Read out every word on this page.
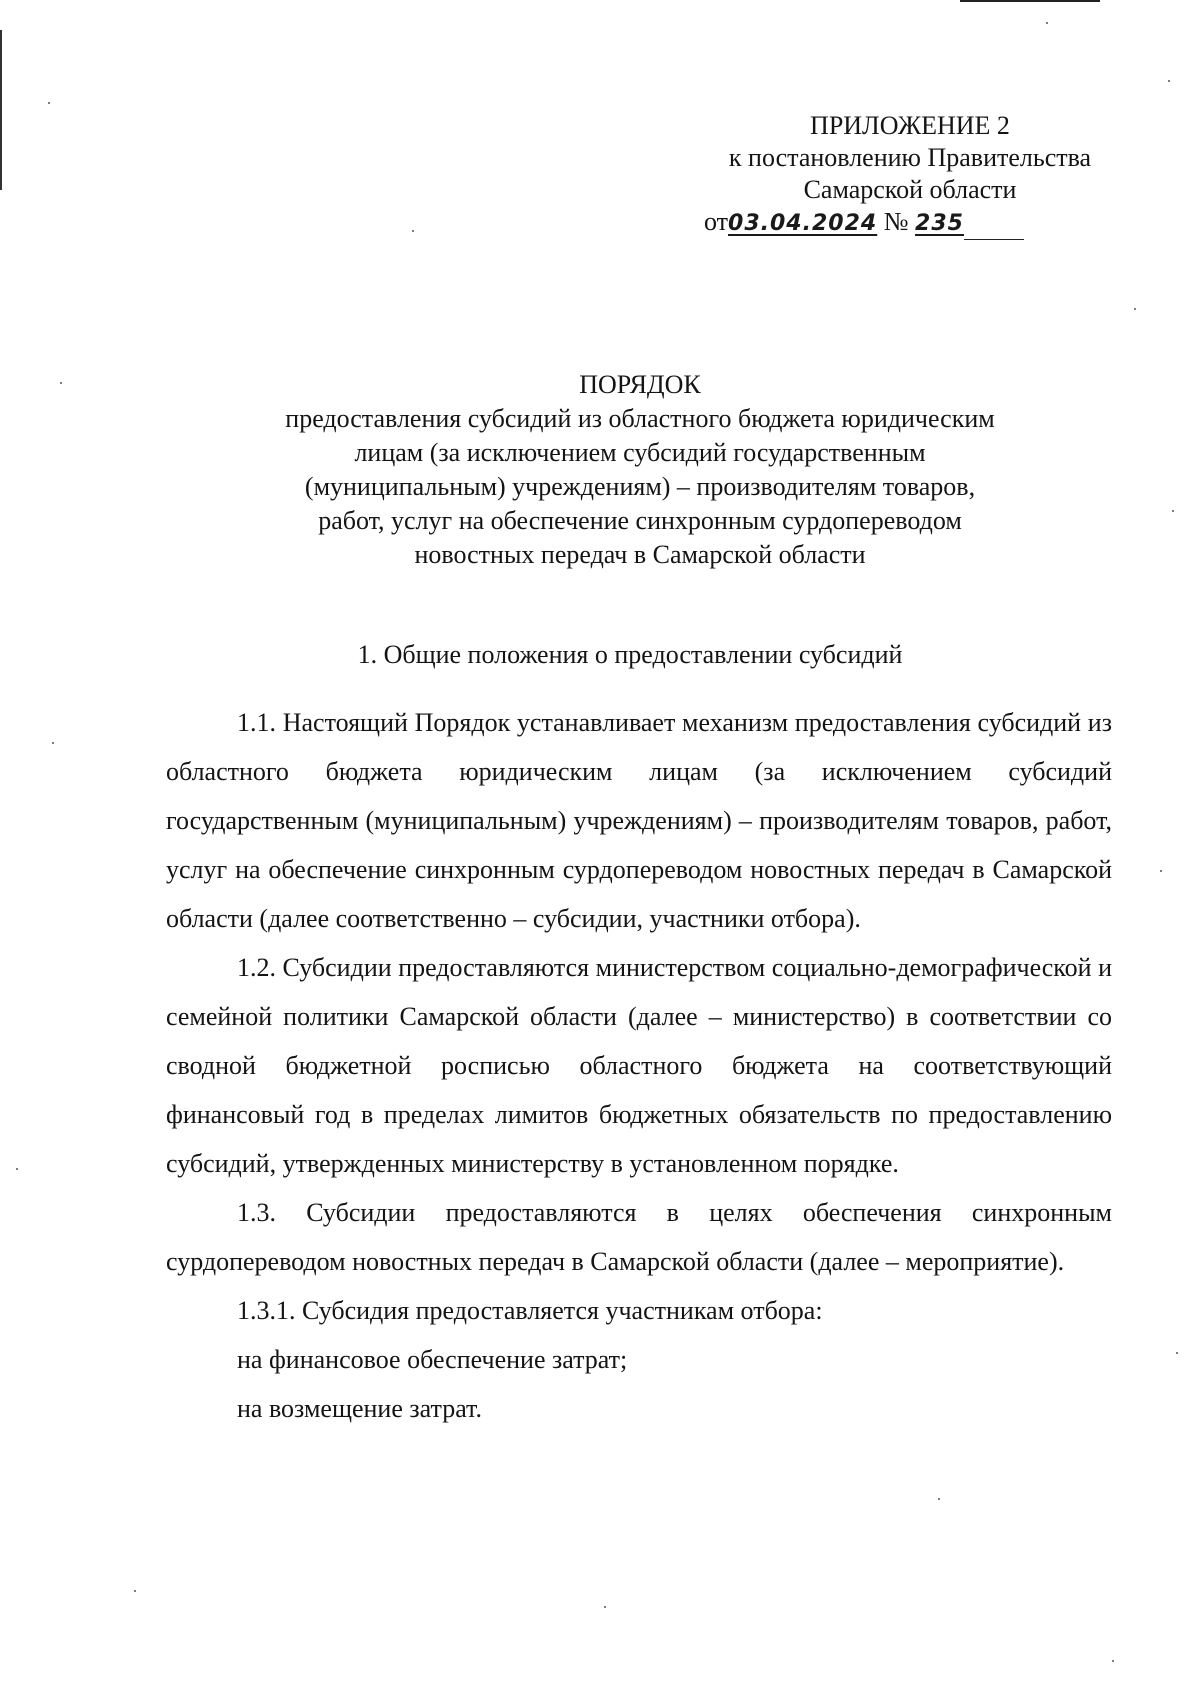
ПРИЛОЖЕНИЕ 2
к постановлению Правительства
Самарской области
от03.04.2024 № 235
ПОРЯДОК
предоставления субсидий из областного бюджета юридическим
лицам (за исключением субсидий государственным
(муниципальным) учреждениям) – производителям товаров,
работ, услуг на обеспечение синхронным сурдопереводом
новостных передач в Самарской области
1. Общие положения о предоставлении субсидий

1.1. Настоящий Порядок устанавливает механизм предоставления субсидий из областного бюджета юридическим лицам (за исключением субсидий государственным (муниципальным) учреждениям) – производителям товаров, работ, услуг на обеспечение синхронным сурдопереводом новостных передач в Самарской области (далее соответственно – субсидии, участники отбора).

1.2. Субсидии предоставляются министерством социально-демографической и семейной политики Самарской области (далее – министерство) в соответствии со сводной бюджетной росписью областного бюджета на соответствующий финансовый год в пределах лимитов бюджетных обязательств по предоставлению субсидий, утвержденных министерству в установленном порядке.

1.3. Субсидии предоставляются в целях обеспечения синхронным сурдопереводом новостных передач в Самарской области (далее – мероприятие).

1.3.1. Субсидия предоставляется участникам отбора:

на финансовое обеспечение затрат;

на возмещение затрат.
